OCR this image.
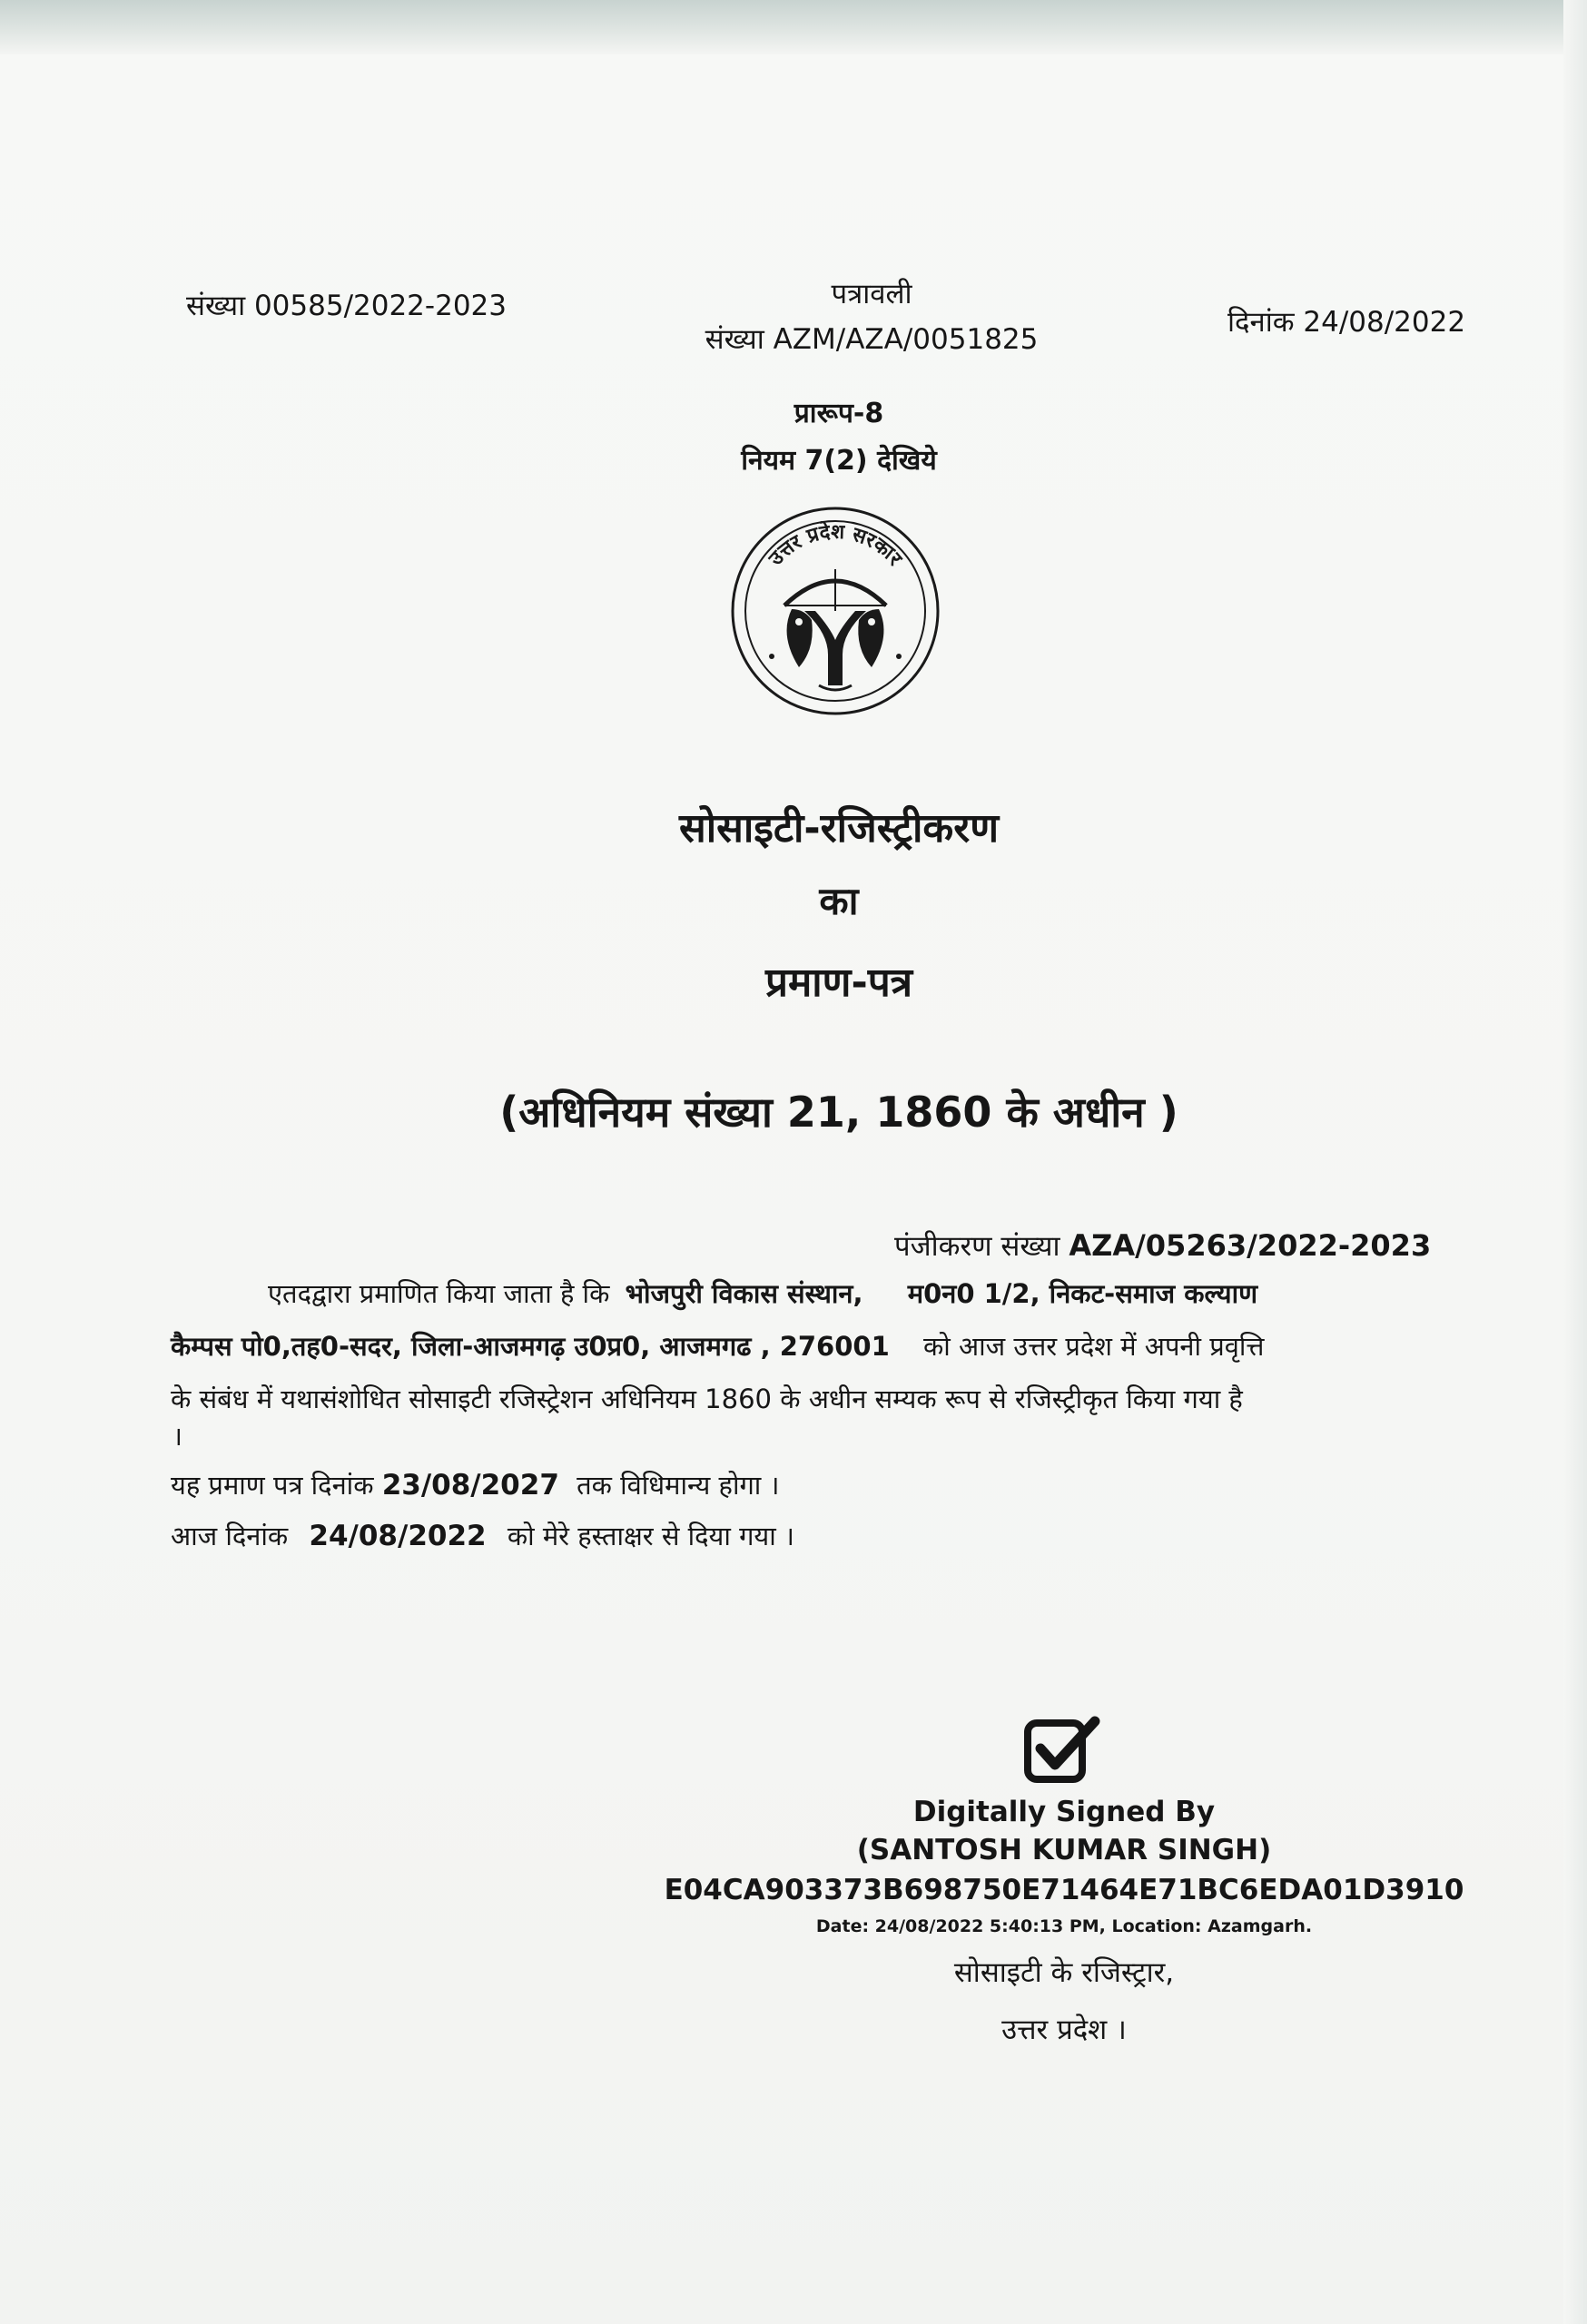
संख्या 00585/2022-2023	पत्रावली
संख्या AZM/AZA/0051825
दिनांक 24/08/2022
प्रारूप-8
नियम 7(2) देखिये
उत्तर प्रदेश सरकार
सोसाइटी-रजिस्ट्रीकरण
का
प्रमाण-पत्र
(अधिनियम संख्या 21, 1860 के अधीन )
पंजीकरण संख्या AZA/05263/2022-2023
एतदद्वारा प्रमाणित किया जाता है कि भोजपुरी विकास संस्थान, म0न0 1/2, निकट-समाज कल्याण
कैम्पस पो0,तह0-सदर, जिला-आजमगढ़ उ0प्र0, आजमगढ , 276001 को आज उत्तर प्रदेश में अपनी प्रवृत्ति
के संबंध में यथासंशोधित सोसाइटी रजिस्ट्रेशन अधिनियम 1860 के अधीन सम्यक रूप से रजिस्ट्रीकृत किया गया है
।
यह प्रमाण पत्र दिनांक 23/08/2027 तक विधिमान्य होगा ।
आज दिनांक 24/08/2022 को मेरे हस्ताक्षर से दिया गया ।
Digitally Signed By
(SANTOSH KUMAR SINGH)
E04CA903373B698750E71464E71BC6EDA01D3910
Date: 24/08/2022 5:40:13 PM, Location: Azamgarh.
सोसाइटी के रजिस्ट्रार,
उत्तर प्रदेश ।
